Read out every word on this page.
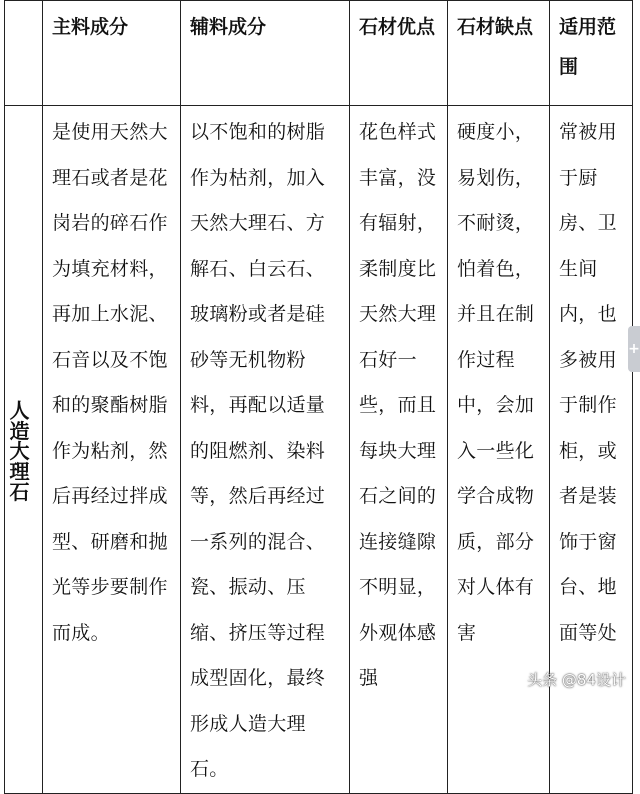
	主料成分	辅料成分	石材优点	石材缺点	适用范围
人造大理石	是使用天然大理石或者是花岗岩的碎石作为填充材料，再加上水泥、石音以及不饱和的聚酯树脂作为粘剂，然后再经过拌成型、研磨和抛光等步要制作而成。	以不饱和的树脂作为枯剂，加入天然大理石、方解石、白云石、玻璃粉或者是硅砂等无机物粉料，再配以适量的阻燃剂、染料等，然后再经过一系列的混合、瓷、振动、压缩、挤压等过程成型固化，最终形成人造大理石。	花色样式丰富，没有辐射，柔制度比天然大理石好一些，而且每块大理石之间的连接缝隙不明显，外观体感强	硬度小，易划伤，不耐烫，怕着色，并且在制作过程中，会加入一些化学合成物质，部分对人体有害	常被用于厨房、卫生间内，也多被用于制作柜，或者是装饰于窗台、地面等处
+
头条 @84设计
